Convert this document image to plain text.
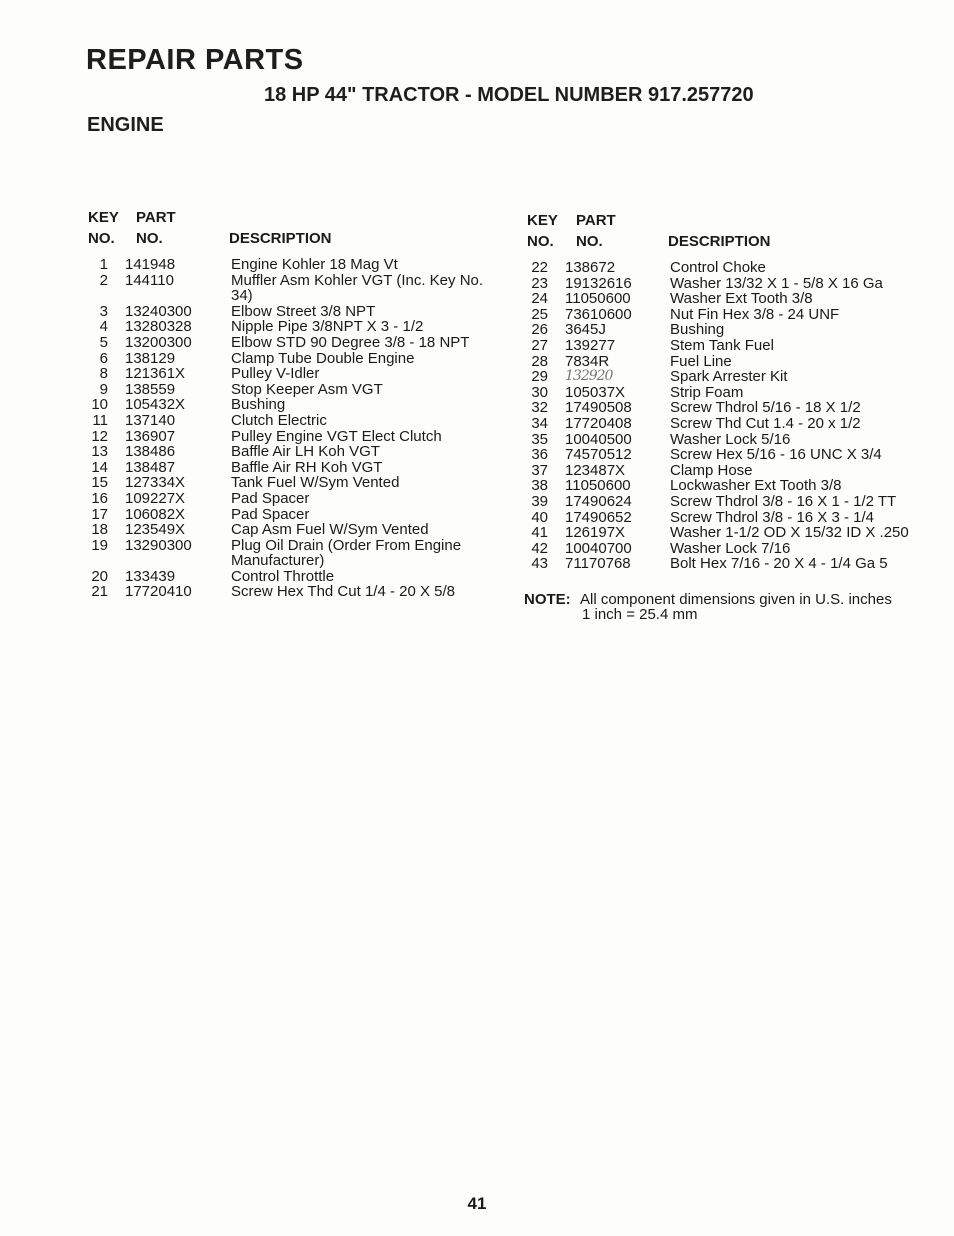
REPAIR PARTS
18 HP 44" TRACTOR - MODEL NUMBER 917.257720
ENGINE
KEY
NO.
PART
NO.	DESCRIPTION
1	141948	Engine Kohler 18 Mag Vt
2	144110	Muffler Asm Kohler VGT (Inc. Key No. 34)
3	13240300	Elbow Street 3/8 NPT
4	13280328	Nipple Pipe 3/8NPT X 3 - 1/2
5	13200300	Elbow STD 90 Degree 3/8 - 18 NPT
6	138129	Clamp Tube Double Engine
8	121361X	Pulley V-Idler
9	138559	Stop Keeper Asm VGT
10	105432X	Bushing
11	137140	Clutch Electric
12	136907	Pulley Engine VGT Elect Clutch
13	138486	Baffle Air LH Koh VGT
14	138487	Baffle Air RH Koh VGT
15	127334X	Tank Fuel W/Sym Vented
16	109227X	Pad Spacer
17	106082X	Pad Spacer
18	123549X	Cap Asm Fuel W/Sym Vented
19	13290300	Plug Oil Drain (Order From Engine Manufacturer)
20	133439	Control Throttle
21	17720410	Screw Hex Thd Cut 1/4 - 20 X 5/8
KEY
NO.
PART
NO.	DESCRIPTION
22	138672	Control Choke
23	19132616	Washer 13/32 X 1 - 5/8 X 16 Ga
24	11050600	Washer Ext Tooth 3/8
25	73610600	Nut Fin Hex 3/8 - 24 UNF
26	3645J	Bushing
27	139277	Stem Tank Fuel
28	7834R	Fuel Line
29	132920	Spark Arrester Kit
30	105037X	Strip Foam
32	17490508	Screw Thdrol 5/16 - 18 X 1/2
34	17720408	Screw Thd Cut 1.4 - 20 x 1/2
35	10040500	Washer Lock 5/16
36	74570512	Screw Hex 5/16 - 16 UNC X 3/4
37	123487X	Clamp Hose
38	11050600	Lockwasher Ext Tooth 3/8
39	17490624	Screw Thdrol 3/8 - 16 X 1 - 1/2 TT
40	17490652	Screw Thdrol 3/8 - 16 X 3 - 1/4
41	126197X	Washer 1-1/2 OD X 15/32 ID X .250
42	10040700	Washer Lock 7/16
43	71170768	Bolt Hex 7/16 - 20 X 4 - 1/4 Ga 5
NOTE: All component dimensions given in U.S. inches
1 inch = 25.4 mm
41
